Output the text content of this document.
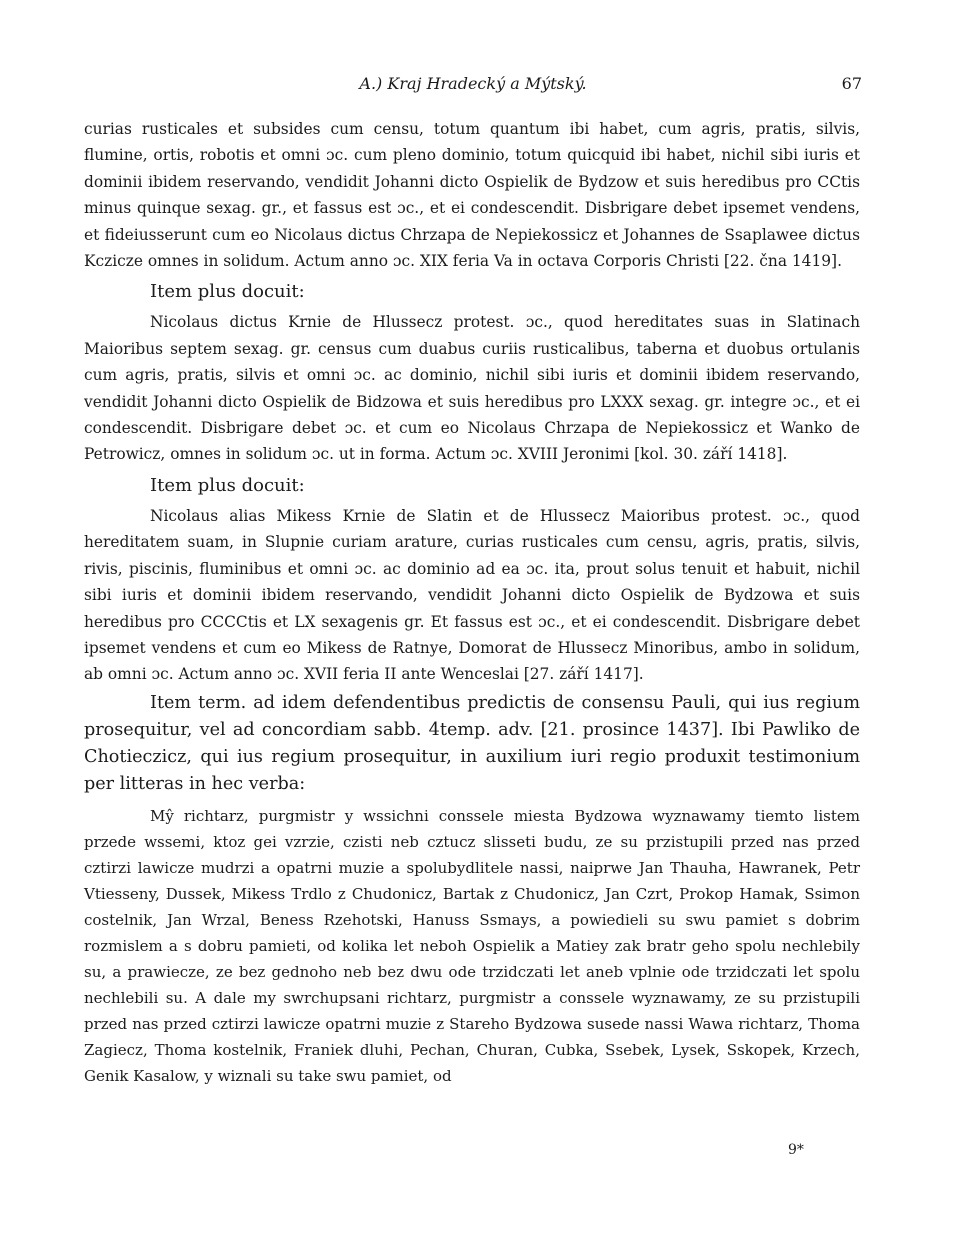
A.) Kraj Hradecký a Mýtský.	67

curias rusticales et subsides cum censu, totum quantum ibi habet, cum agris, pratis, silvis, flumine, ortis, robotis et omni ɔc. cum pleno dominio, totum quicquid ibi habet, nichil sibi iuris et dominii ibidem reservando, vendidit Johanni dicto Ospielik de Bydzow et suis heredibus pro CCtis minus quinque sexag. gr., et fassus est ɔc., et ei condescendit. Disbrigare debet ipsemet vendens, et fideiusserunt cum eo Nicolaus dictus Chrzapa de Nepiekossicz et Johannes de Ssaplawee dictus Kczicze omnes in solidum. Actum anno ɔc. XIX feria Va in octava Corporis Christi [22. čna 1419].

Item plus docuit:

Nicolaus dictus Krnie de Hlussecz protest. ɔc., quod hereditates suas in Slatinach Maioribus septem sexag. gr. census cum duabus curiis rusticalibus, taberna et duobus ortulanis cum agris, pratis, silvis et omni ɔc. ac dominio, nichil sibi iuris et dominii ibidem reservando, vendidit Johanni dicto Ospielik de Bidzowa et suis heredibus pro LXXX sexag. gr. integre ɔc., et ei condescendit. Disbrigare debet ɔc. et cum eo Nicolaus Chrzapa de Nepiekossicz et Wanko de Petrowicz, omnes in solidum ɔc. ut in forma. Actum ɔc. XVIII Jeronimi [kol. 30. září 1418].

Item plus docuit:

Nicolaus alias Mikess Krnie de Slatin et de Hlussecz Maioribus protest. ɔc., quod hereditatem suam, in Slupnie curiam arature, curias rusticales cum censu, agris, pratis, silvis, rivis, piscinis, fluminibus et omni ɔc. ac dominio ad ea ɔc. ita, prout solus tenuit et habuit, nichil sibi iuris et dominii ibidem reservando, vendidit Johanni dicto Ospielik de Bydzowa et suis heredibus pro CCCCtis et LX sexagenis gr. Et fassus est ɔc., et ei condescendit. Disbrigare debet ipsemet vendens et cum eo Mikess de Ratnye, Domorat de Hlussecz Minoribus, ambo in solidum, ab omni ɔc. Actum anno ɔc. XVII feria II ante Wenceslai [27. září 1417].

Item term. ad idem defendentibus predictis de consensu Pauli, qui ius regium prosequitur, vel ad concordiam sabb. 4temp. adv. [21. prosince 1437]. Ibi Pawliko de Chotieczicz, qui ius regium prosequitur, in auxilium iuri regio produxit testimonium per litteras in hec verba:

Mŷ richtarz, purgmistr y wssichni conssele miesta Bydzowa wyznawamy tiemto listem przede wssemi, ktoz gei vzrzie, czisti neb cztucz slisseti budu, ze su przistupili przed nas przed cztirzi lawicze mudrzi a opatrni muzie a spolubydlitele nassi, naiprwe Jan Thauha, Hawranek, Petr Vtiesseny, Dussek, Mikess Trdlo z Chudonicz, Bartak z Chudonicz, Jan Czrt, Prokop Hamak, Ssimon costelnik, Jan Wrzal, Beness Rzehotski, Hanuss Ssmays, a powiedieli su swu pamiet s dobrim rozmislem a s dobru pamieti, od kolika let neboh Ospielik a Matiey zak bratr geho spolu nechlebily su, a prawiecze, ze bez gednoho neb bez dwu ode trzidczati let aneb vplnie ode trzidczati let spolu nechlebili su. A dale my swrchupsani richtarz, purgmistr a conssele wyznawamy, ze su przistupili przed nas przed cztirzi lawicze opatrni muzie z Stareho Bydzowa susede nassi Wawa richtarz, Thoma Zagiecz, Thoma kostelnik, Franiek dluhi, Pechan, Churan, Cubka, Ssebek, Lysek, Sskopek, Krzech, Genik Kasalow, y wiznali su take swu pamiet, od

9*
